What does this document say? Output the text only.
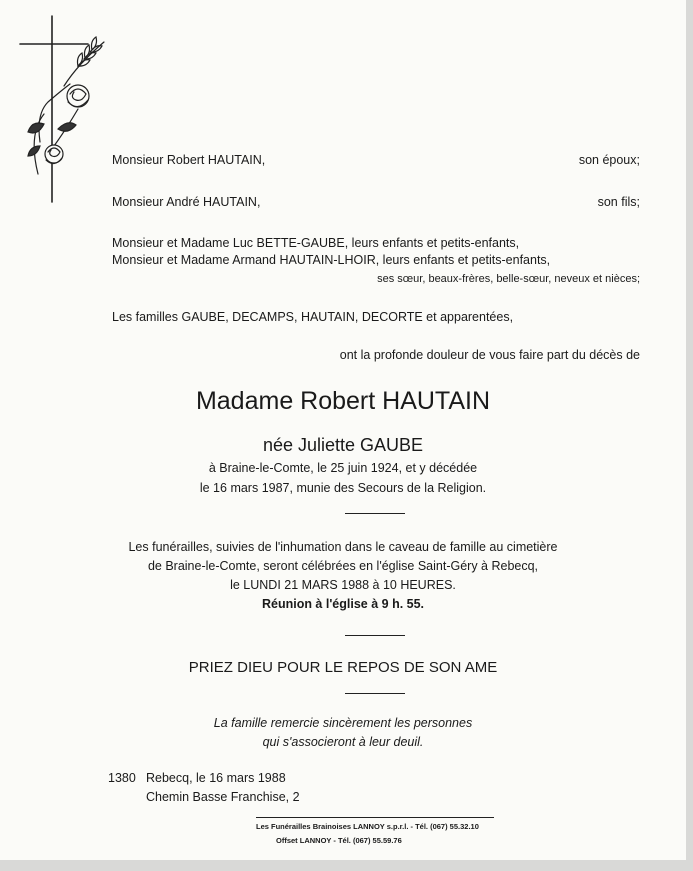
Monsieur Robert HAUTAIN,	son époux;
Monsieur André HAUTAIN,	son fils;
Monsieur et Madame Luc BETTE-GAUBE, leurs enfants et petits-enfants,
Monsieur et Madame Armand HAUTAIN-LHOIR, leurs enfants et petits-enfants,
ses sœur, beaux-frères, belle-sœur, neveux et nièces;
Les familles GAUBE, DECAMPS, HAUTAIN, DECORTE et apparentées,
ont la profonde douleur de vous faire part du décès de
Madame Robert HAUTAIN
née Juliette GAUBE
à Braine-le-Comte, le 25 juin 1924, et y décédée
le 16 mars 1987, munie des Secours de la Religion.
Les funérailles, suivies de l'inhumation dans le caveau de famille au cimetière
de Braine-le-Comte, seront célébrées en l'église Saint-Géry à Rebecq,
le LUNDI 21 MARS 1988 à 10 HEURES.
Réunion à l'église à 9 h. 55.
PRIEZ DIEU POUR LE REPOS DE SON AME
La famille remercie sincèrement les personnes
qui s'associeront à leur deuil.
1380 Rebecq, le 16 mars 1988
Chemin Basse Franchise, 2
Les Funérailles Brainoises LANNOY s.p.r.l. - Tél. (067) 55.32.10
Offset LANNOY - Tél. (067) 55.59.76
